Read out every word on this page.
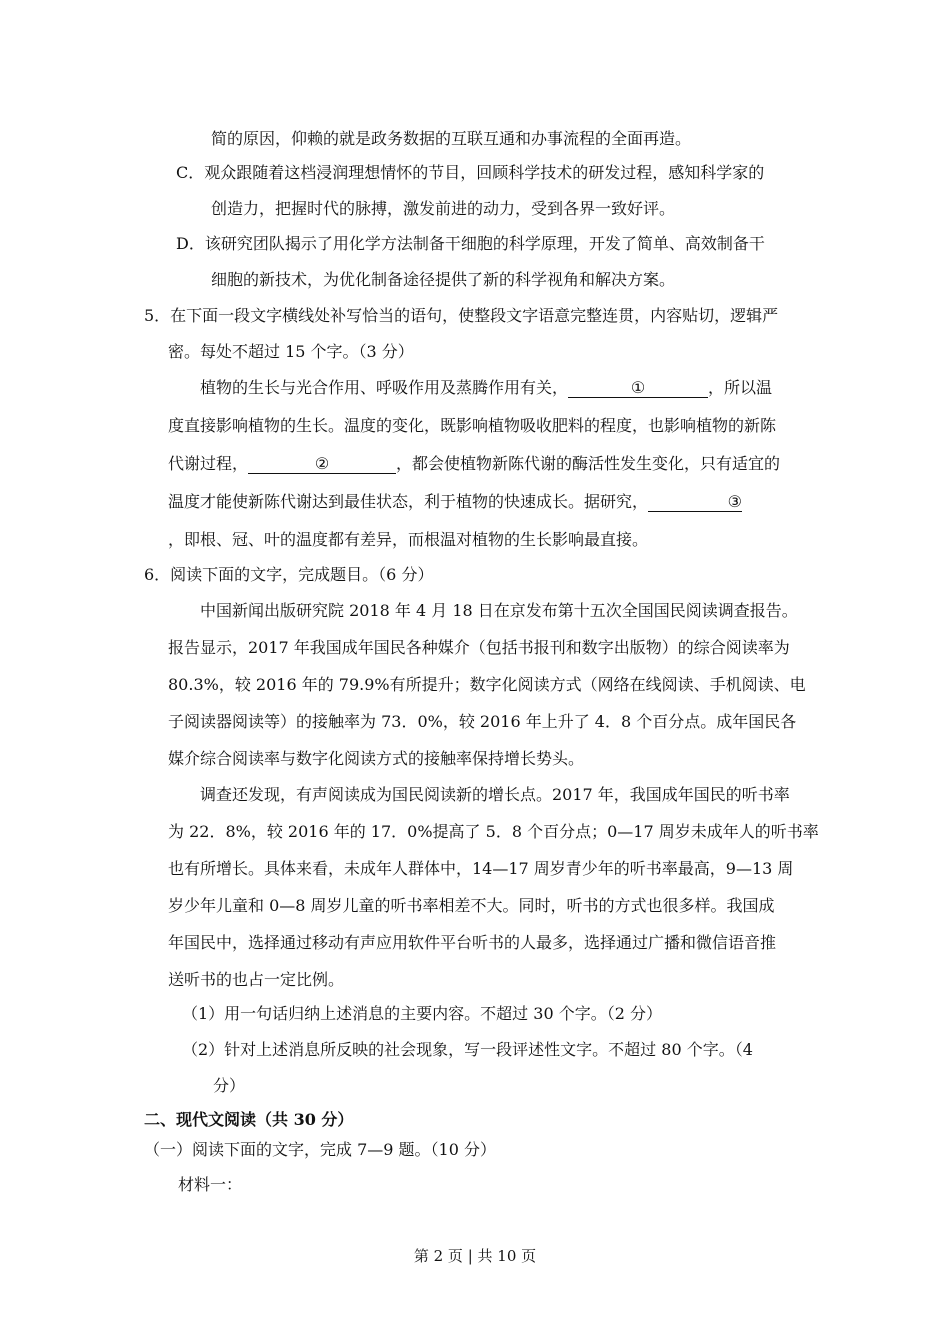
简的原因，仰赖的就是政务数据的互联互通和办事流程的全面再造。
C．观众跟随着这档浸润理想情怀的节目，回顾科学技术的研发过程，感知科学家的
创造力，把握时代的脉搏，激发前进的动力，受到各界一致好评。
D．该研究团队揭示了用化学方法制备干细胞的科学原理，开发了简单、高效制备干
细胞的新技术，为优化制备途径提供了新的科学视角和解决方案。
5．在下面一段文字横线处补写恰当的语句，使整段文字语意完整连贯，内容贴切，逻辑严
密。每处不超过 15 个字。（3 分）
植物的生长与光合作用、呼吸作用及蒸腾作用有关，	①	，所以温
度直接影响植物的生长。温度的变化，既影响植物吸收肥料的程度，也影响植物的新陈
代谢过程，	②	，都会使植物新陈代谢的酶活性发生变化，只有适宜的
温度才能使新陈代谢达到最佳状态，利于植物的快速成长。据研究，	③
，即根、冠、叶的温度都有差异，而根温对植物的生长影响最直接。
6．阅读下面的文字，完成题目。（6 分）
中国新闻出版研究院 2018 年 4 月 18 日在京发布第十五次全国国民阅读调查报告。
报告显示，2017 年我国成年国民各种媒介（包括书报刊和数字出版物）的综合阅读率为
80.3%，较 2016 年的 79.9%有所提升；数字化阅读方式（网络在线阅读、手机阅读、电
子阅读器阅读等）的接触率为 73．0%，较 2016 年上升了 4．8 个百分点。成年国民各
媒介综合阅读率与数字化阅读方式的接触率保持增长势头。
调查还发现，有声阅读成为国民阅读新的增长点。2017 年，我国成年国民的听书率
为 22．8%，较 2016 年的 17．0%提高了 5．8 个百分点；0—17 周岁未成年人的听书率
也有所增长。具体来看，未成年人群体中，14—17 周岁青少年的听书率最高，9—13 周
岁少年儿童和 0—8 周岁儿童的听书率相差不大。同时，听书的方式也很多样。我国成
年国民中，选择通过移动有声应用软件平台听书的人最多，选择通过广播和微信语音推
送听书的也占一定比例。
（1）用一句话归纳上述消息的主要内容。不超过 30 个字。（2 分）
（2）针对上述消息所反映的社会现象，写一段评述性文字。不超过 80 个字。（4
分）
二、现代文阅读（共 30 分）
（一）阅读下面的文字，完成 7—9 题。（10 分）
材料一：
第 2 页 | 共 10 页
